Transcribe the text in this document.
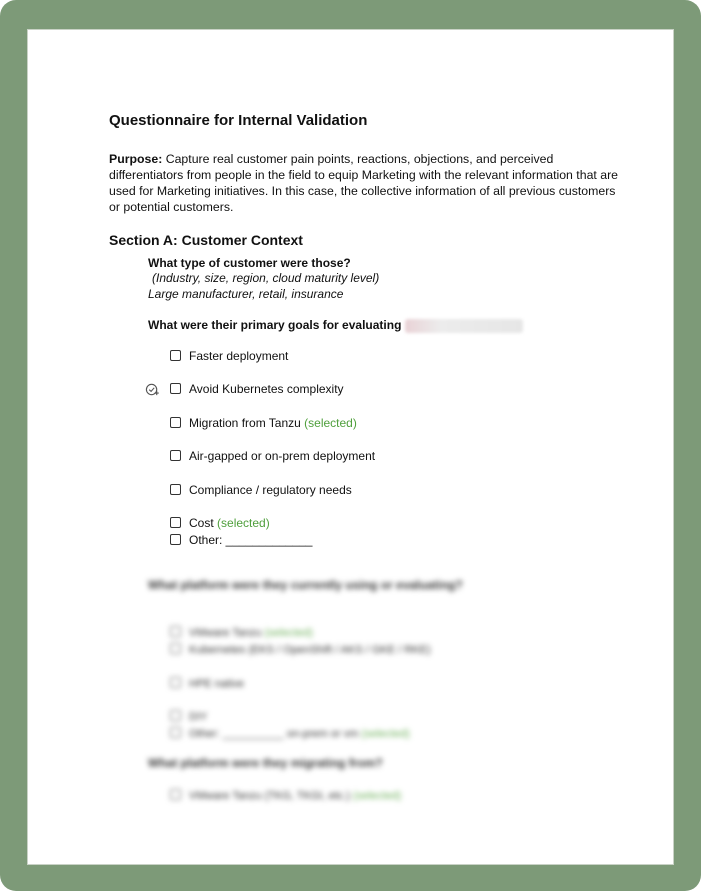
Questionnaire for Internal Validation

Purpose: Capture real customer pain points, reactions, objections, and perceived differentiators from people in the field to equip Marketing with the relevant information that are used for Marketing initiatives. In this case, the collective information of all previous customers or potential customers.

Section A: Customer Context
What type of customer were those?
(Industry, size, region, cloud maturity level)
Large manufacturer, retail, insurance
What were their primary goals for evaluating
Faster deployment
Avoid Kubernetes complexity
Migration from Tanzu (selected)
Air-gapped or on-prem deployment
Compliance / regulatory needs
Cost (selected)
Other: _____________
What platform were they currently using or evaluating?
VMware Tanzu (selected)
Kubernetes (EKS / OpenShift / AKS / GKE / RKE)
HPE native
DIY
Other: __________ on-prem or vm (selected)
What platform were they migrating from?
VMware Tanzu (TKG, TKGI, etc.) (selected)
